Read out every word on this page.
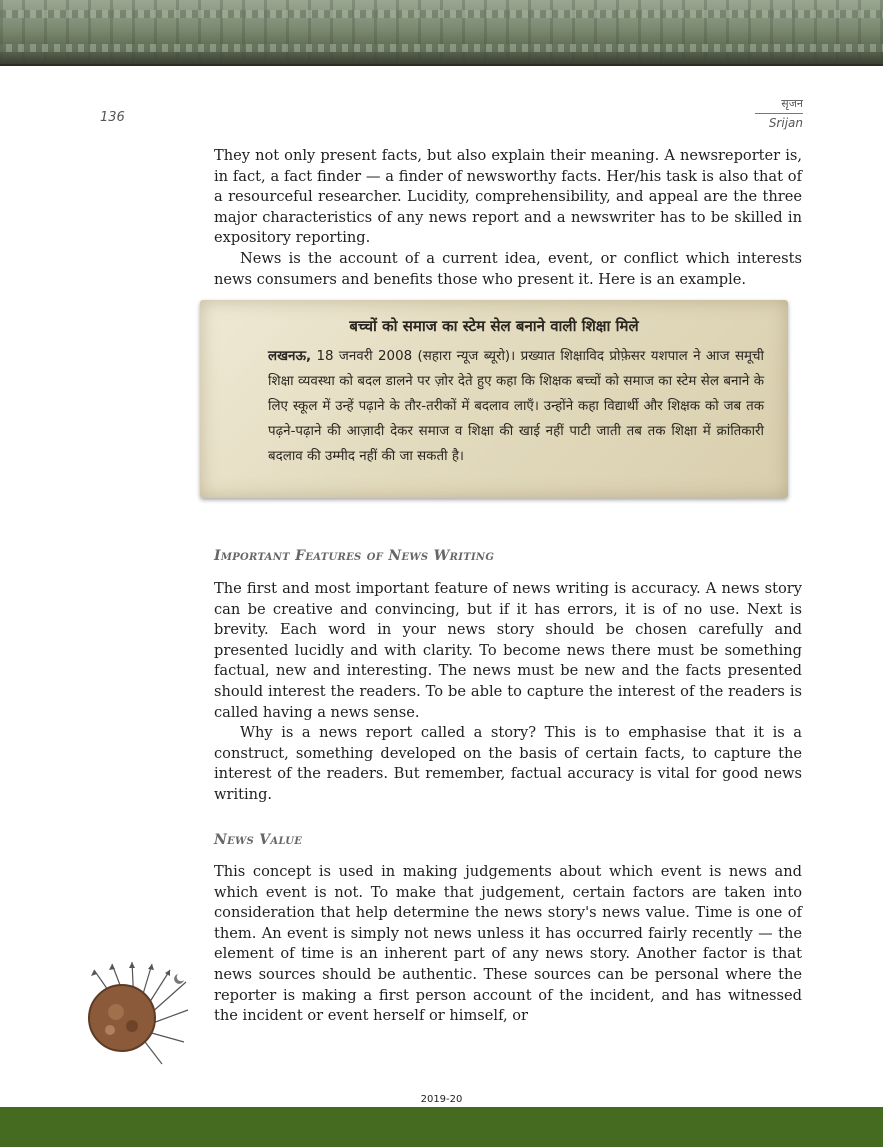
136
सृजन
Srijan

They not only present facts, but also explain their meaning. A newsreporter is, in fact, a fact finder — a finder of newsworthy facts. Her/his task is also that of a resourceful researcher. Lucidity, comprehensibility, and appeal are the three major characteristics of any news report and a newswriter has to be skilled in expository reporting.

News is the account of a current idea, event, or conflict which interests news consumers and benefits those who present it. Here is an example.

बच्चों को समाज का स्टेम सेल बनाने वाली शिक्षा मिले
लखनऊ, 18 जनवरी 2008 (सहारा न्यूज ब्यूरो)। प्रख्यात शिक्षाविद प्रोफ़ेसर यशपाल ने आज समूची शिक्षा व्यवस्था को बदल डालने पर ज़ोर देते हुए कहा कि शिक्षक बच्चों को समाज का स्टेम सेल बनाने के लिए स्कूल में उन्हें पढ़ाने के तौर-तरीकों में बदलाव लाएँ। उन्होंने कहा विद्यार्थी और शिक्षक को जब तक पढ़ने-पढ़ाने की आज़ादी देकर समाज व शिक्षा की खाई नहीं पाटी जाती तब तक शिक्षा में क्रांतिकारी बदलाव की उम्मीद नहीं की जा सकती है।
Important Features of News Writing

The first and most important feature of news writing is accuracy. A news story can be creative and convincing, but if it has errors, it is of no use. Next is brevity. Each word in your news story should be chosen carefully and presented lucidly and with clarity. To become news there must be something factual, new and interesting. The news must be new and the facts presented should interest the readers. To be able to capture the interest of the readers is called having a news sense.

Why is a news report called a story? This is to emphasise that it is a construct, something developed on the basis of certain facts, to capture the interest of the readers. But remember, factual accuracy is vital for good news writing.

News Value

This concept is used in making judgements about which event is news and which event is not. To make that judgement, certain factors are taken into consideration that help determine the news story's news value. Time is one of them. An event is simply not news unless it has occurred fairly recently — the element of time is an inherent part of any news story. Another factor is that news sources should be authentic. These sources can be personal where the reporter is making a first person account of the incident, and has witnessed the incident or event herself or himself, or

2019-20
